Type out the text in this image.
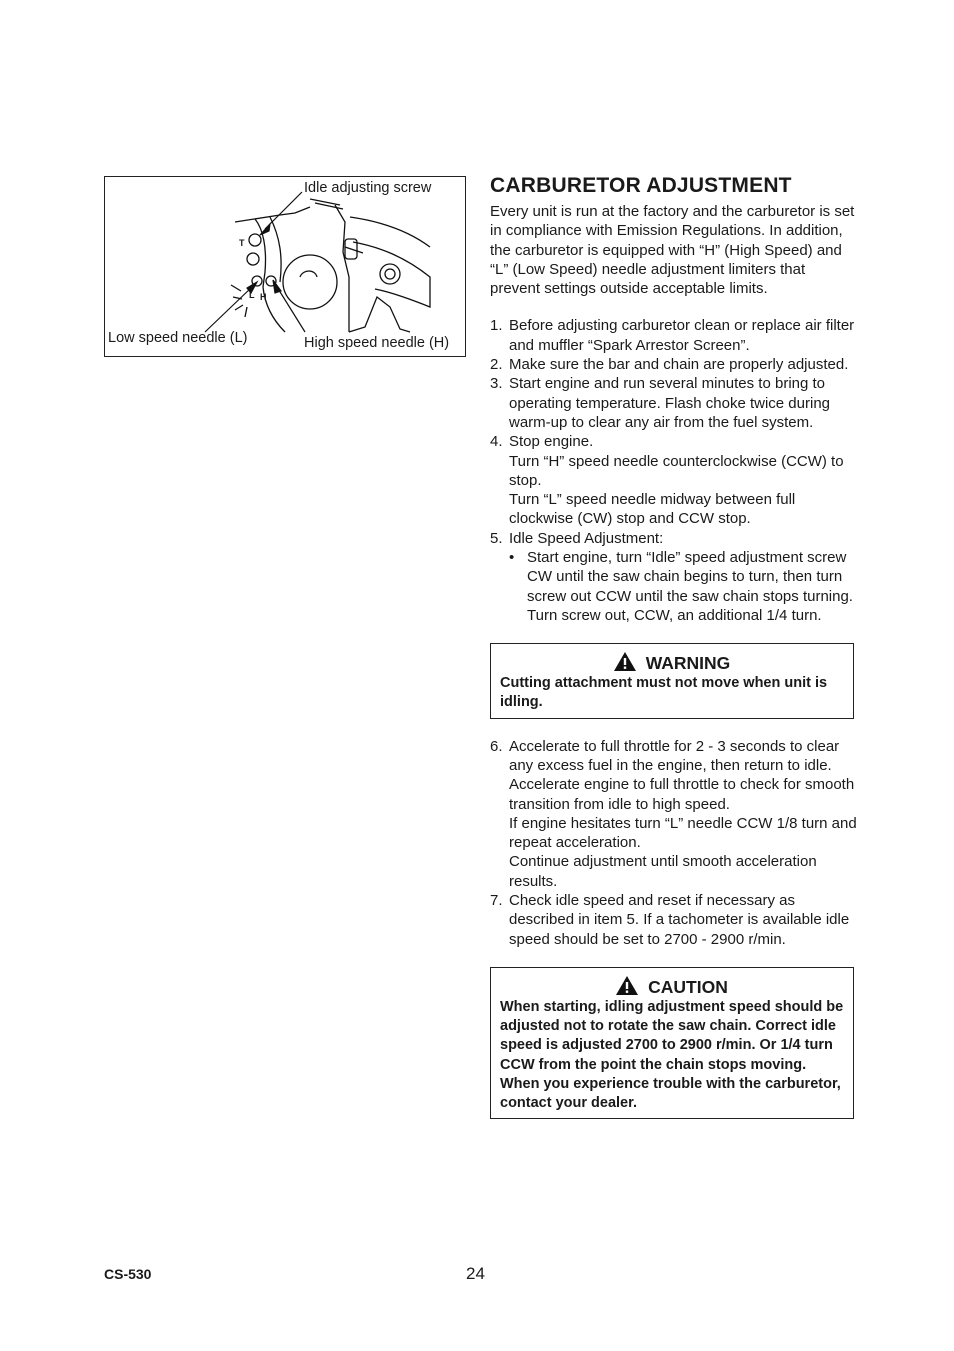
Idle adjusting screw
Low speed needle (L)	High speed needle (H)
T
L H
CARBURETOR ADJUSTMENT

Every unit is run at the factory and the carburetor is set in compliance with Emission Regulations. In addition, the carburetor is equipped with “H” (High Speed) and “L” (Low Speed) needle adjustment limiters that prevent settings outside acceptable limits.

1. Before adjusting carburetor clean or replace air filter and muffler “Spark Arrestor Screen”.
2. Make sure the bar and chain are properly adjusted.
3. Start engine and run several minutes to bring to operating temperature. Flash choke twice during warm-up to clear any air from the fuel system.
4. Stop engine.
Turn “H” speed needle counterclockwise (CCW) to stop.
Turn “L” speed needle midway between full clockwise (CW) stop and CCW stop.
5. Idle Speed Adjustment:
• Start engine, turn “Idle” speed adjustment screw CW until the saw chain begins to turn, then turn screw out CCW until the saw chain stops turning.
Turn screw out, CCW, an additional 1/4 turn.
WARNING
Cutting attachment must not move when unit is idling.
6. Accelerate to full throttle for 2 - 3 seconds to clear any excess fuel in the engine, then return to idle.
Accelerate engine to full throttle to check for smooth transition from idle to high speed.
If engine hesitates turn “L” needle CCW 1/8 turn and repeat acceleration.
Continue adjustment until smooth acceleration results.
7. Check idle speed and reset if necessary as described in item 5. If a tachometer is available idle speed should be set to 2700 - 2900 r/min.
CAUTION
When starting, idling adjustment speed should be adjusted not to rotate the saw chain. Correct idle speed is adjusted 2700 to 2900 r/min. Or 1/4 turn CCW from the point the chain stops moving.
When you experience trouble with the carburetor, contact your dealer.
CS-530	24
